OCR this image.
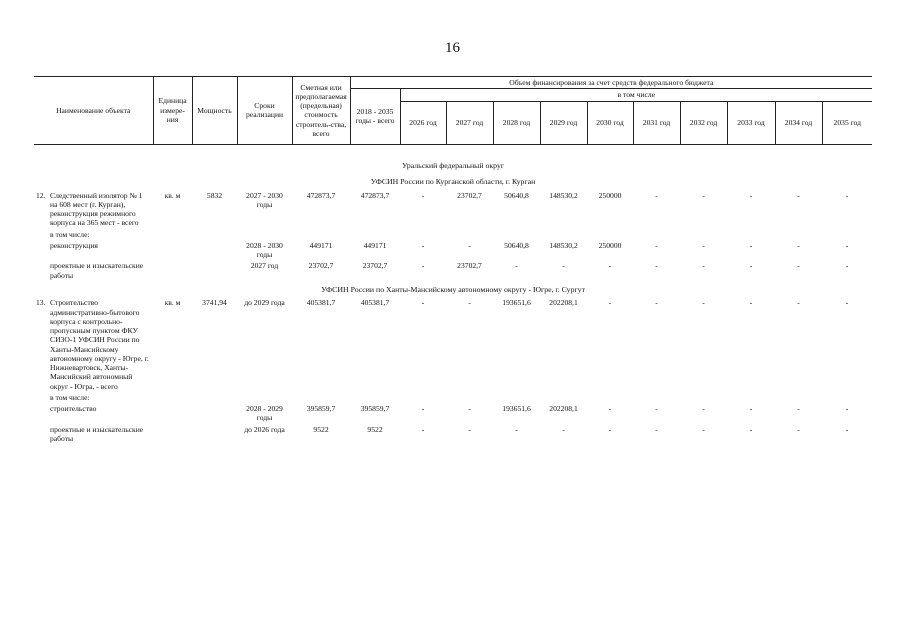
16
Наименование объекта		Единица измере-ния	Мощность	Сроки реализации	Сметная или предполагаемая (предельная) стоимость строитель-ства, всего	Объем финансирования за счет средств федерального бюджета										
						2018 - 2035 годы - всего	в том числе									
							2026 год	2027 год	2028 год	2029 год	2030 год	2031 год	2032 год	2033 год	2034 год	2035 год

Уральский федеральный округ																
УФСИН России по Курганской области, г. Курган																
12.	Следственный изолятор № 1 на 608 мест (г. Курган), реконструкция режимного корпуса на 365 мест - всего	кв. м	5832	2027 - 2030 годы	472873,7	472873,7	-	23702,7	50640,8	148530,2	250000	-	-	-	-	-
	в том числе:															
	реконструкция			2028 - 2030 годы	449171	449171	-	-	50640,8	148530,2	250000	-	-	-	-	-
	проектные и изыскательские работы			2027 год	23702,7	23702,7	-	23702,7	-	-	-	-	-	-	-	-
УФСИН России по Ханты-Мансийскому автономному округу - Югре, г. Сургут																
13.	Строительство административно-бытового корпуса с контрольно-пропускным пунктом ФКУ СИЗО-1 УФСИН России по Ханты-Мансийскому автономному округу - Югре, г. Нижневартовск, Ханты-Мансийский автономный округ - Югра, - всего	кв. м	3741,94	до 2029 года	405381,7	405381,7	-	-	193651,6	202208,1	-	-	-	-	-	-
	в том числе:															
	строительство			2028 - 2029 годы	395859,7	395859,7	-	-	193651,6	202208,1	-	-	-	-	-	-
	проектные и изыскательские работы			до 2026 года	9522	9522	-	-	-	-	-	-	-	-	-	-
